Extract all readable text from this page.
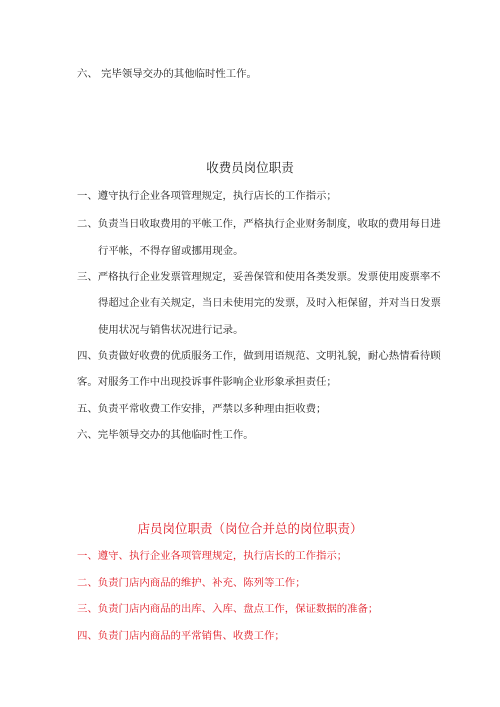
六、 完毕领导交办的其他临时性工作。
收费员岗位职责
一、遵守执行企业各项管理规定，执行店长的工作指示；
二、负责当日收取费用的平帐工作，严格执行企业财务制度，收取的费用每日进
行平帐，不得存留或挪用现金。
三、严格执行企业发票管理规定，妥善保管和使用各类发票。发票使用废票率不
得超过企业有关规定，当日未使用完的发票，及时入柜保留，并对当日发票
使用状况与销售状况进行记录。
四、负责做好收费的优质服务工作，做到用语规范、文明礼貌，耐心热情看待顾
客。对服务工作中出现投诉事件影响企业形象承担责任；
五、负责平常收费工作安排，严禁以多种理由拒收费；
六、完毕领导交办的其他临时性工作。
店员岗位职责（岗位合并总的岗位职责）
一、遵守、执行企业各项管理规定，执行店长的工作指示；
二、负责门店内商品的维护、补充、陈列等工作；
三、负责门店内商品的出库、入库、盘点工作，保证数据的准备；
四、负责门店内商品的平常销售、收费工作；
